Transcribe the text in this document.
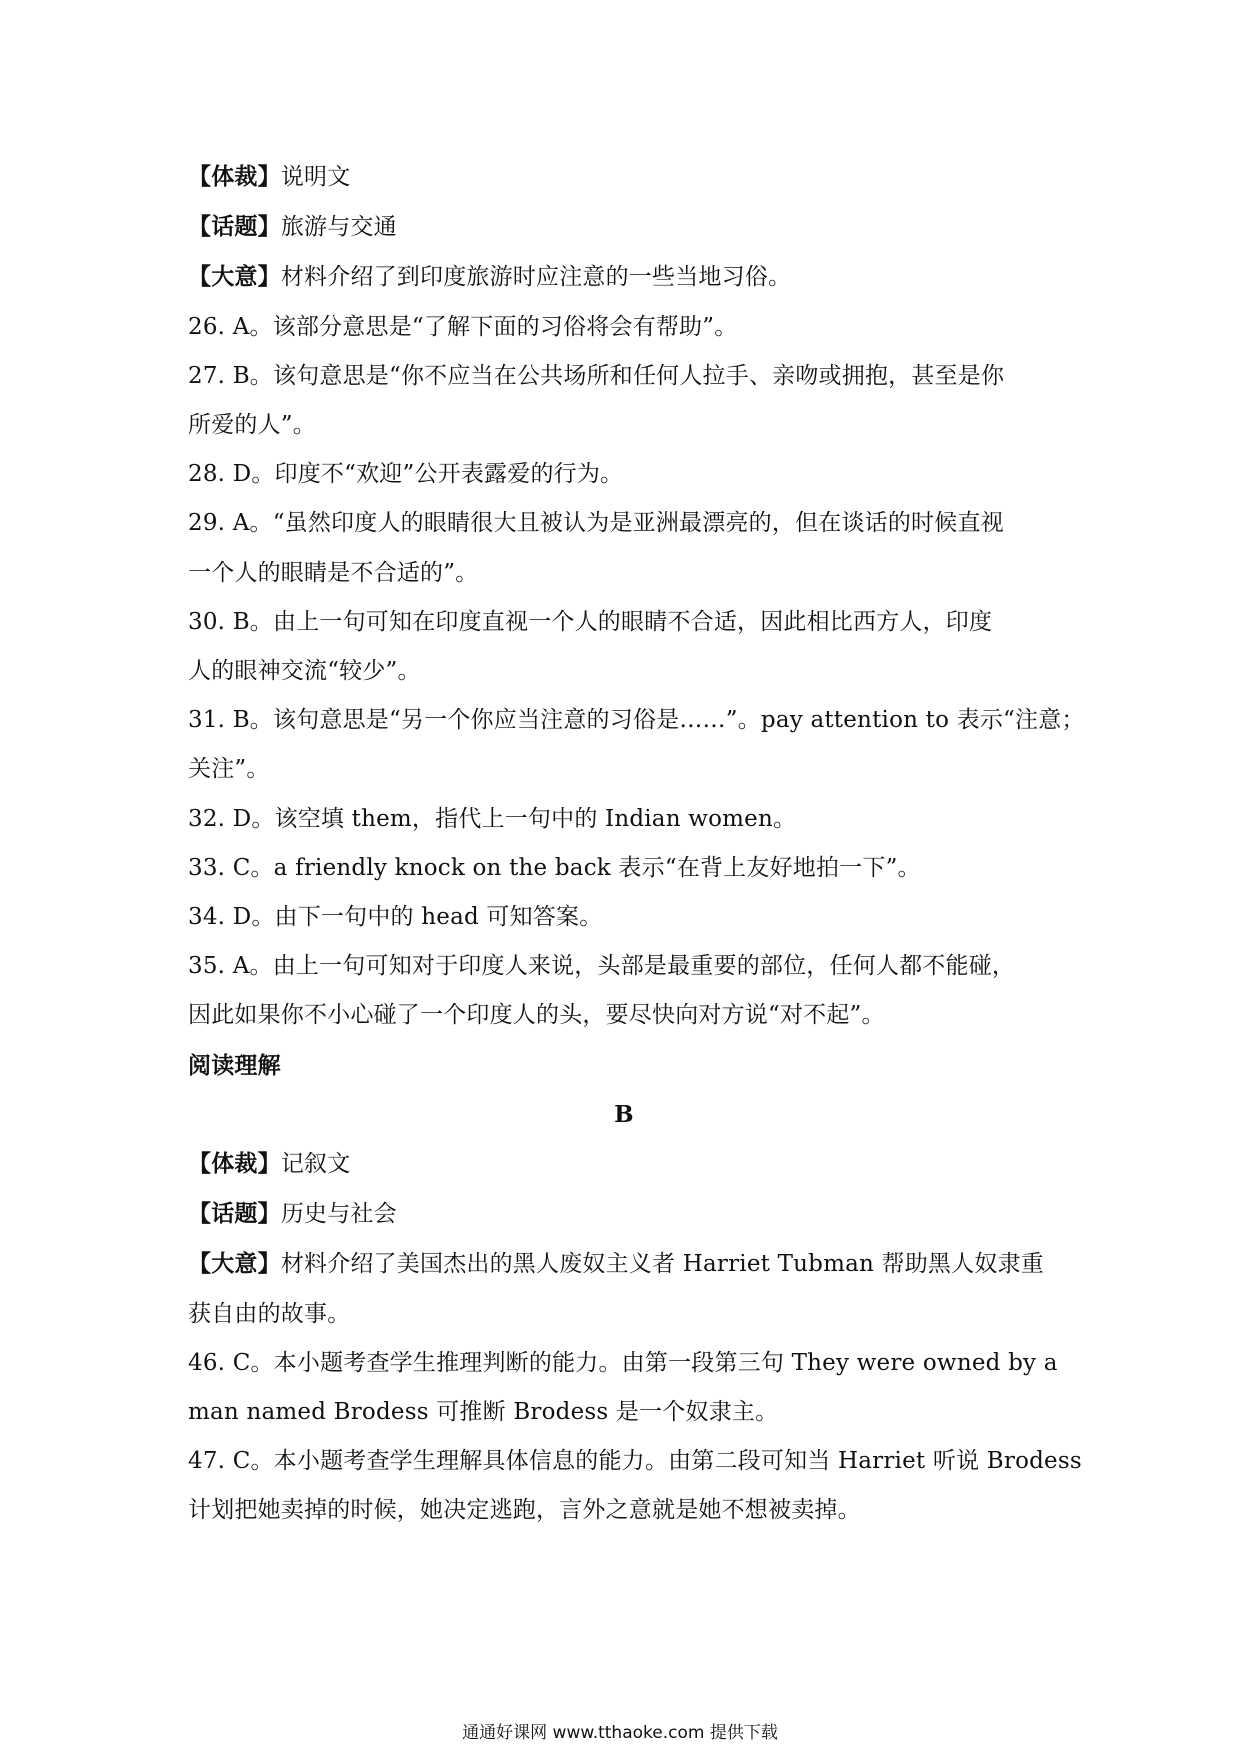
【体裁】说明文
【话题】旅游与交通
【大意】材料介绍了到印度旅游时应注意的一些当地习俗。
26. A。该部分意思是“了解下面的习俗将会有帮助”。
27. B。该句意思是“你不应当在公共场所和任何人拉手、亲吻或拥抱，甚至是你
所爱的人”。
28. D。印度不“欢迎”公开表露爱的行为。
29. A。“虽然印度人的眼睛很大且被认为是亚洲最漂亮的，但在谈话的时候直视
一个人的眼睛是不合适的”。
30. B。由上一句可知在印度直视一个人的眼睛不合适，因此相比西方人，印度
人的眼神交流“较少”。
31. B。该句意思是“另一个你应当注意的习俗是……”。pay attention to 表示“注意；
关注”。
32. D。该空填 them，指代上一句中的 Indian women。
33. C。a friendly knock on the back 表示“在背上友好地拍一下”。
34. D。由下一句中的 head 可知答案。
35. A。由上一句可知对于印度人来说，头部是最重要的部位，任何人都不能碰，
因此如果你不小心碰了一个印度人的头，要尽快向对方说“对不起”。
阅读理解
B
【体裁】记叙文
【话题】历史与社会
【大意】材料介绍了美国杰出的黑人废奴主义者 Harriet Tubman 帮助黑人奴隶重
获自由的故事。
46. C。本小题考查学生推理判断的能力。由第一段第三句 They were owned by a
man named Brodess 可推断 Brodess 是一个奴隶主。
47. C。本小题考查学生理解具体信息的能力。由第二段可知当 Harriet 听说 Brodess
计划把她卖掉的时候，她决定逃跑，言外之意就是她不想被卖掉。
通通好课网 www.tthaoke.com 提供下载
